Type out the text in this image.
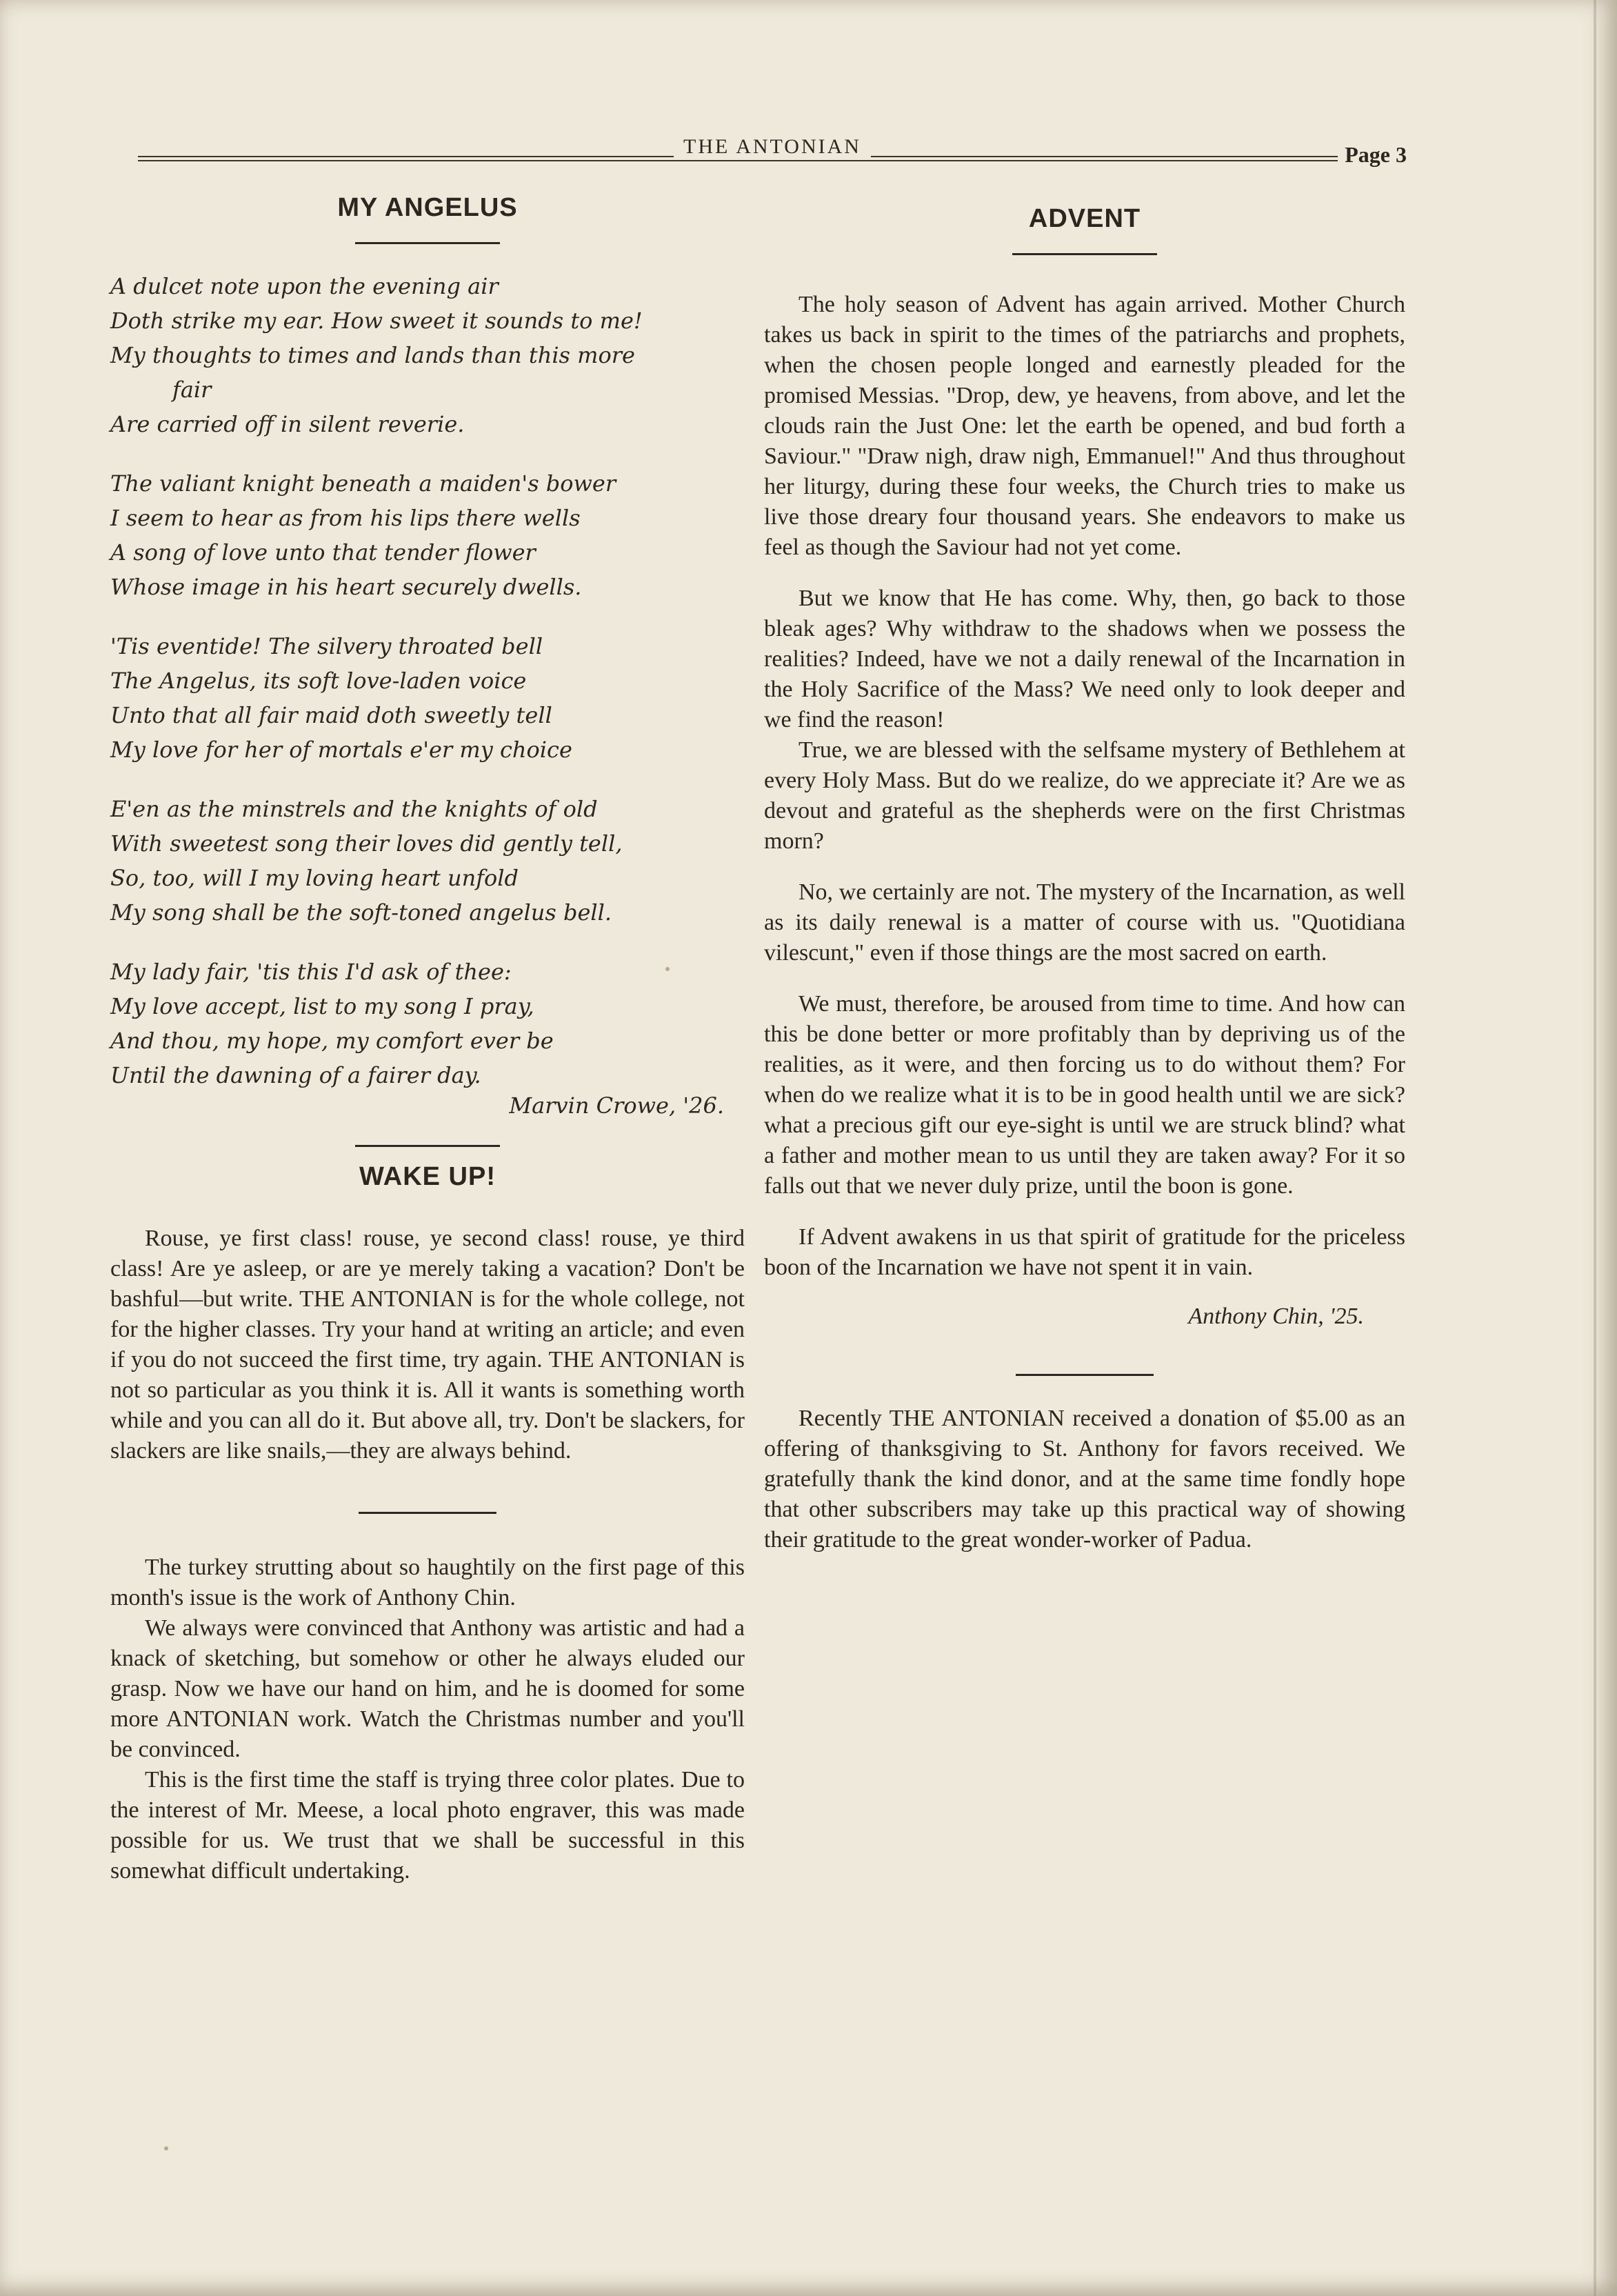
THE ANTONIAN	Page 3
MY ANGELUS
A dulcet note upon the evening air
Doth strike my ear. How sweet it sounds to me!
My thoughts to times and lands than this more
fair
Are carried off in silent reverie.
The valiant knight beneath a maiden's bower
I seem to hear as from his lips there wells
A song of love unto that tender flower
Whose image in his heart securely dwells.
'Tis eventide! The silvery throated bell
The Angelus, its soft love-laden voice
Unto that all fair maid doth sweetly tell
My love for her of mortals e'er my choice
E'en as the minstrels and the knights of old
With sweetest song their loves did gently tell,
So, too, will I my loving heart unfold
My song shall be the soft-toned angelus bell.
My lady fair, 'tis this I'd ask of thee:
My love accept, list to my song I pray,
And thou, my hope, my comfort ever be
Until the dawning of a fairer day.
Marvin Crowe, '26.
WAKE UP!

Rouse, ye first class! rouse, ye second class! rouse, ye third class! Are ye asleep, or are ye merely taking a vacation? Don't be bashful—but write. THE ANTONIAN is for the whole college, not for the higher classes. Try your hand at writing an article; and even if you do not succeed the first time, try again. THE ANTONIAN is not so particular as you think it is. All it wants is something worth while and you can all do it. But above all, try. Don't be slackers, for slackers are like snails,—they are always behind.

The turkey strutting about so haughtily on the first page of this month's issue is the work of Anthony Chin.

We always were convinced that Anthony was artistic and had a knack of sketching, but somehow or other he always eluded our grasp. Now we have our hand on him, and he is doomed for some more ANTONIAN work. Watch the Christmas number and you'll be convinced.

This is the first time the staff is trying three color plates. Due to the interest of Mr. Meese, a local photo engraver, this was made possible for us. We trust that we shall be successful in this somewhat difficult undertaking.

ADVENT

The holy season of Advent has again arrived. Mother Church takes us back in spirit to the times of the patriarchs and prophets, when the chosen people longed and earnestly pleaded for the promised Messias. "Drop, dew, ye heavens, from above, and let the clouds rain the Just One: let the earth be opened, and bud forth a Saviour." "Draw nigh, draw nigh, Emmanuel!" And thus throughout her liturgy, during these four weeks, the Church tries to make us live those dreary four thousand years. She endeavors to make us feel as though the Saviour had not yet come.

But we know that He has come. Why, then, go back to those bleak ages? Why withdraw to the shadows when we possess the realities? Indeed, have we not a daily renewal of the Incarnation in the Holy Sacrifice of the Mass? We need only to look deeper and we find the reason!

True, we are blessed with the selfsame mystery of Bethlehem at every Holy Mass. But do we realize, do we appreciate it? Are we as devout and grateful as the shepherds were on the first Christmas morn?

No, we certainly are not. The mystery of the Incarnation, as well as its daily renewal is a matter of course with us. "Quotidiana vilescunt," even if those things are the most sacred on earth.

We must, therefore, be aroused from time to time. And how can this be done better or more profitably than by depriving us of the realities, as it were, and then forcing us to do without them? For when do we realize what it is to be in good health until we are sick? what a precious gift our eye-sight is until we are struck blind? what a father and mother mean to us until they are taken away? For it so falls out that we never duly prize, until the boon is gone.

If Advent awakens in us that spirit of gratitude for the priceless boon of the Incarnation we have not spent it in vain.

Anthony Chin, '25.

Recently THE ANTONIAN received a donation of $5.00 as an offering of thanksgiving to St. Anthony for favors received. We gratefully thank the kind donor, and at the same time fondly hope that other subscribers may take up this practical way of showing their gratitude to the great wonder-worker of Padua.
